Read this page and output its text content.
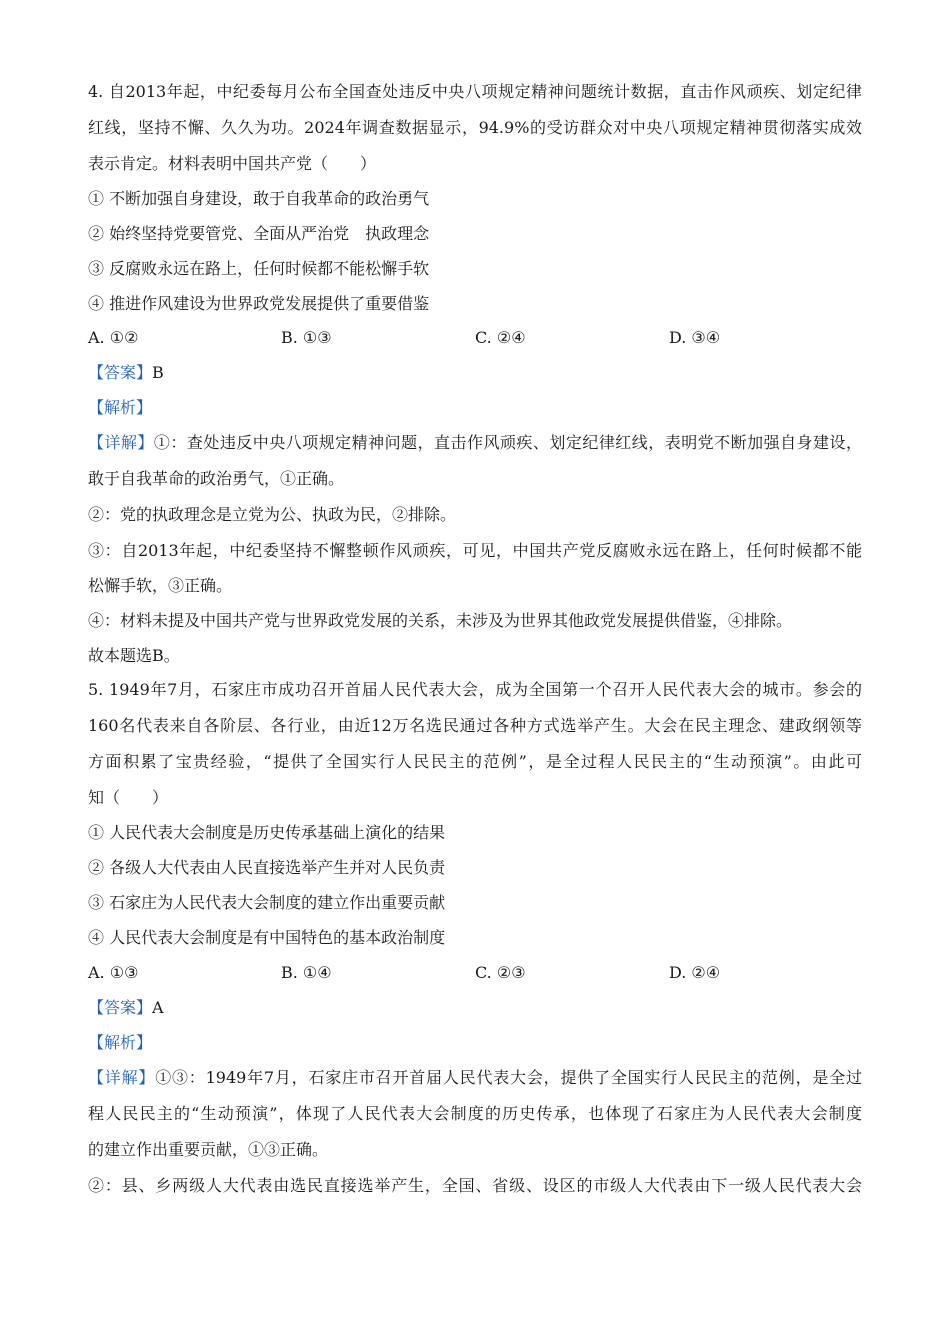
4. 自2013年起，中纪委每月公布全国查处违反中央八项规定精神问题统计数据，直击作风顽疾、划定纪律
红线，坚持不懈、久久为功。2024年调查数据显示，94.9%的受访群众对中央八项规定精神贯彻落实成效
表示肯定。材料表明中国共产党（　　）
① 不断加强自身建设，敢于自我革命的政治勇气
② 始终坚持党要管党、全面从严治党　执政理念
③ 反腐败永远在路上，任何时候都不能松懈手软
④ 推进作风建设为世界政党发展提供了重要借鉴
A. ①②	B. ①③	C. ②④	D. ③④
【答案】B
【解析】
【详解】①：查处违反中央八项规定精神问题，直击作风顽疾、划定纪律红线，表明党不断加强自身建设，
敢于自我革命的政治勇气，①正确。
②：党的执政理念是立党为公、执政为民，②排除。
③：自2013年起，中纪委坚持不懈整顿作风顽疾，可见，中国共产党反腐败永远在路上，任何时候都不能
松懈手软，③正确。
④：材料未提及中国共产党与世界政党发展的关系，未涉及为世界其他政党发展提供借鉴，④排除。
故本题选B。
5. 1949年7月，石家庄市成功召开首届人民代表大会，成为全国第一个召开人民代表大会的城市。参会的
160名代表来自各阶层、各行业，由近12万名选民通过各种方式选举产生。大会在民主理念、建政纲领等
方面积累了宝贵经验，“提供了全国实行人民民主的范例”，是全过程人民民主的“生动预演”。由此可
知（　　）
① 人民代表大会制度是历史传承基础上演化的结果
② 各级人大代表由人民直接选举产生并对人民负责
③ 石家庄为人民代表大会制度的建立作出重要贡献
④ 人民代表大会制度是有中国特色的基本政治制度
A. ①③	B. ①④	C. ②③	D. ②④
【答案】A
【解析】
【详解】①③：1949年7月，石家庄市召开首届人民代表大会，提供了全国实行人民民主的范例，是全过
程人民民主的“生动预演”，体现了人民代表大会制度的历史传承，也体现了石家庄为人民代表大会制度
的建立作出重要贡献，①③正确。
②：县、乡两级人大代表由选民直接选举产生，全国、省级、设区的市级人大代表由下一级人民代表大会
